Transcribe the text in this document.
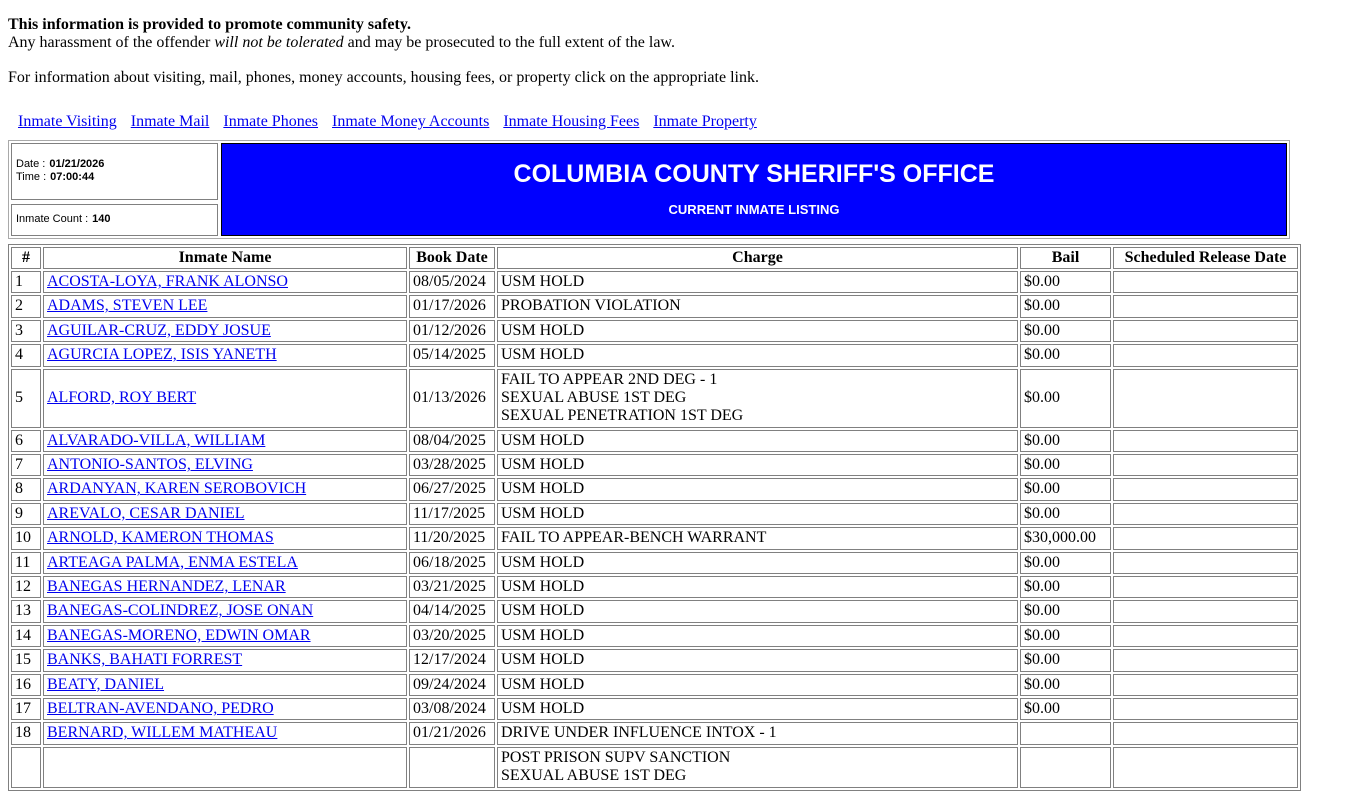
This information is provided to promote community safety.
Any harassment of the offender will not be tolerated and may be prosecuted to the full extent of the law.

For information about visiting, mail, phones, money accounts, housing fees, or property click on the appropriate link.

Inmate Visiting Inmate Mail Inmate Phones Inmate Money Accounts Inmate Housing Fees Inmate Property
Date : 01/21/2026
Time : 07:00:44
Inmate Count : 140
COLUMBIA COUNTY SHERIFF'S OFFICE
CURRENT INMATE LISTING
#	Inmate Name	Book Date	Charge	Bail	Scheduled Release Date
1	ACOSTA-LOYA, FRANK ALONSO	08/05/2024	USM HOLD	$0.00	
2	ADAMS, STEVEN LEE	01/17/2026	PROBATION VIOLATION	$0.00	
3	AGUILAR-CRUZ, EDDY JOSUE	01/12/2026	USM HOLD	$0.00	
4	AGURCIA LOPEZ, ISIS YANETH	05/14/2025	USM HOLD	$0.00	
5	ALFORD, ROY BERT	01/13/2026	FAIL TO APPEAR 2ND DEG - 1
SEXUAL ABUSE 1ST DEG
SEXUAL PENETRATION 1ST DEG	$0.00	
6	ALVARADO-VILLA, WILLIAM	08/04/2025	USM HOLD	$0.00	
7	ANTONIO-SANTOS, ELVING	03/28/2025	USM HOLD	$0.00	
8	ARDANYAN, KAREN SEROBOVICH	06/27/2025	USM HOLD	$0.00	
9	AREVALO, CESAR DANIEL	11/17/2025	USM HOLD	$0.00	
10	ARNOLD, KAMERON THOMAS	11/20/2025	FAIL TO APPEAR-BENCH WARRANT	$30,000.00	
11	ARTEAGA PALMA, ENMA ESTELA	06/18/2025	USM HOLD	$0.00	
12	BANEGAS HERNANDEZ, LENAR	03/21/2025	USM HOLD	$0.00	
13	BANEGAS-COLINDREZ, JOSE ONAN	04/14/2025	USM HOLD	$0.00	
14	BANEGAS-MORENO, EDWIN OMAR	03/20/2025	USM HOLD	$0.00	
15	BANKS, BAHATI FORREST	12/17/2024	USM HOLD	$0.00	
16	BEATY, DANIEL	09/24/2024	USM HOLD	$0.00	
17	BELTRAN-AVENDANO, PEDRO	03/08/2024	USM HOLD	$0.00	
18	BERNARD, WILLEM MATHEAU	01/21/2026	DRIVE UNDER INFLUENCE INTOX - 1		

			POST PRISON SUPV SANCTION
SEXUAL ABUSE 1ST DEG		
